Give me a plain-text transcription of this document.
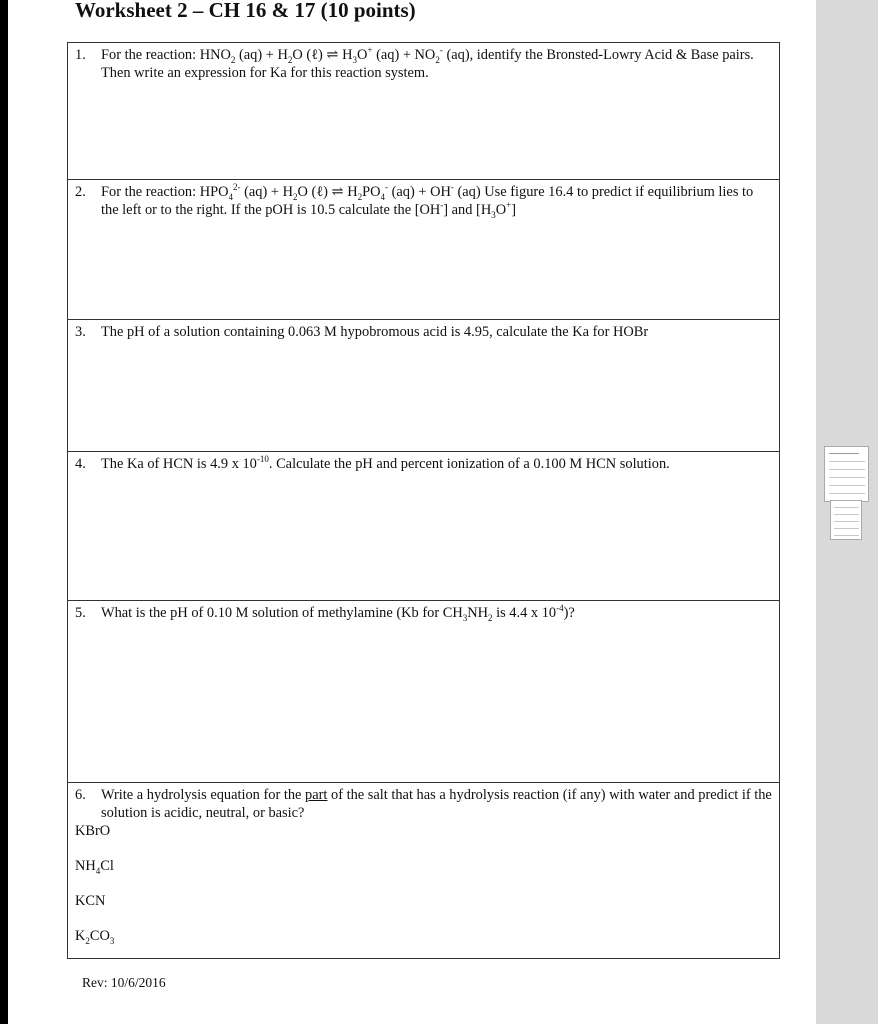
Worksheet 2 – CH 16 & 17 (10 points)
1.	For the reaction: $HNO_2$ $(aq) + H_2O$ (ℓ) ⇌ $H_3O^+$ $(aq) + NO_2^-$ (aq), identify the Bronsted-Lowry Acid & Base pairs. Then write an expression for Ka for this reaction system.
2.	For the reaction: $HPO_4^{2-}$ $(aq) + H_2O$ (ℓ) ⇌ $H_2PO_4^-$ (aq) + OH- (aq) Use figure 16.4 to predict if equilibrium lies to the left or to the right. If the pOH is 10.5 calculate the [OH-] and $[H_3O^+]$
3.	The pH of a solution containing 0.063 M hypobromous acid is 4.95, calculate the Ka for HOBr
4.	The Ka of HCN is 4.9 x $10^{-10}$. Calculate the pH and percent ionization of a 0.100 M HCN solution.
5.	What is the pH of 0.10 M solution of methylamine (Kb for $CH_3NH_2$ is 4.4 x $10^{-4}$)?
6.	Write a hydrolysis equation for the part of the salt that has a hydrolysis reaction (if any) with water and predict if the solution is acidic, neutral, or basic?
KBrO
$NH_4Cl$
KCN
$K_2CO_3$
Rev: 10/6/2016
